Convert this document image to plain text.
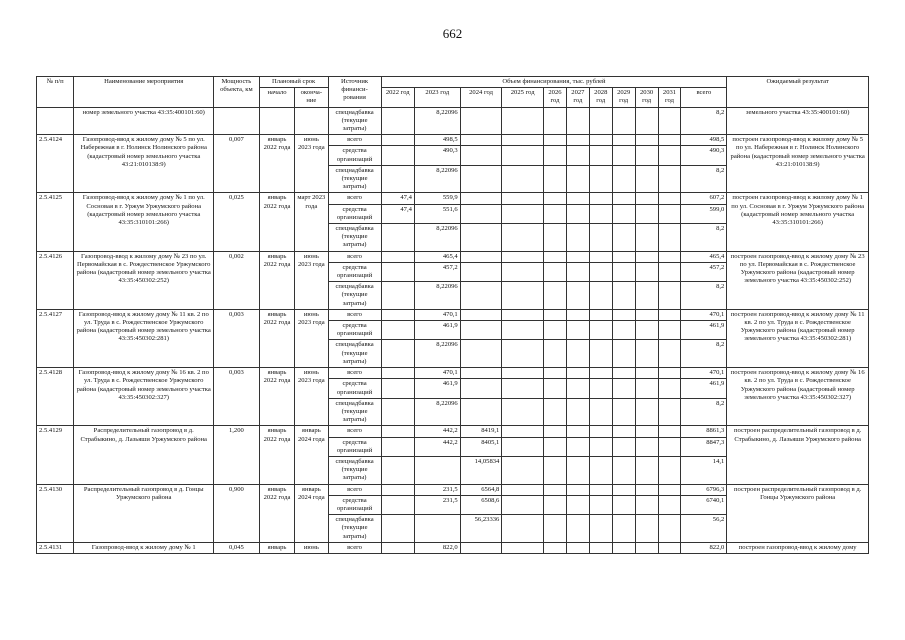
662
№ п/п	Наименование мероприятия	Мощность объекта, км	Плановый срок		Источник финанси-рования	Объем финансирования, тыс. рублей											Ожидаемый результат
			начало	оконча-ние		2022 год	2023 год	2024 год	2025 год	2026 год	2027 год	2028 год	2029 год	2030 год	2031 год	всего	
	номер земельного участка 43:35:400101:60)				спецнадбавка (текущие затраты)		8,22096									8,2	земельного участка 43:35:400101:60)
2.5.4124	Газопровод-ввод к жилому дому № 5 по ул. Набережная в г. Нолинск Нолинского района (кадастровый номер земельного участка 43:21:010138:9)	0,007	январь 2022 года	июнь 2023 года	всего		498,5									498,5	построен газопровод-ввод к жилому дому № 5 по ул. Набережная в г. Нолинск Нолинского района (кадастровый номер земельного участка 43:21:010138:9)
					средства организаций		490,3									490,3	
					спецнадбавка (текущие затраты)		8,22096									8,2	
2.5.4125	Газопровод-ввод к жилому дому № 1 по ул. Сосновая в г. Уржум Уржумского района (кадастровый номер земельного участка 43:35:310101:266)	0,025	январь 2022 года	март 2023 года	всего	47,4	559,9									607,2	построен газопровод-ввод к жилому дому № 1 по ул. Сосновая в г. Уржум Уржумского района (кадастровый номер земельного участка 43:35:310101:266)
					средства организаций	47,4	551,6									599,0	
					спецнадбавка (текущие затраты)		8,22096									8,2	
2.5.4126	Газопровод-ввод к жилому дому № 23 по ул. Первомайская в с. Рождественское Уржумского района (кадастровый номер земельного участка 43:35:450302:252)	0,002	январь 2022 года	июнь 2023 года	всего		465,4									465,4	построен газопровод-ввод к жилому дому № 23 по ул. Первомайская в с. Рождественское Уржумского района (кадастровый номер земельного участка 43:35:450302:252)
					средства организаций		457,2									457,2	
					спецнадбавка (текущие затраты)		8,22096									8,2	
2.5.4127	Газопровод-ввод к жилому дому № 11 кв. 2 по ул. Труда в с. Рождественское Уржумского района (кадастровый номер земельного участка 43:35:450302:281)	0,003	январь 2022 года	июнь 2023 года	всего		470,1									470,1	построен газопровод-ввод к жилому дому № 11 кв. 2 по ул. Труда в с. Рождественское Уржумского района (кадастровый номер земельного участка 43:35:450302:281)
					средства организаций		461,9									461,9	
					спецнадбавка (текущие затраты)		8,22096									8,2	
2.5.4128	Газопровод-ввод к жилому дому № 16 кв. 2 по ул. Труда в с. Рождественское Уржумского района (кадастровый номер земельного участка 43:35:450302:327)	0,003	январь 2022 года	июнь 2023 года	всего		470,1									470,1	построен газопровод-ввод к жилому дому № 16 кв. 2 по ул. Труда в с. Рождественское Уржумского района (кадастровый номер земельного участка 43:35:450302:327)
					средства организаций		461,9									461,9	
					спецнадбавка (текущие затраты)		8,22096									8,2	
2.5.4129	Распределительный газопровод в д. Страбыкино, д. Лазьяши Уржумского района	1,200	январь 2022 года	январь 2024 года	всего		442,2	8419,1								8861,3	построен распределительный газопровод в д. Страбыкино, д. Лазьяши Уржумского района
					средства организаций		442,2	8405,1								8847,3	
					спецнадбавка (текущие затраты)			14,05834								14,1	
2.5.4130	Распределительный газопровод в д. Гонцы Уржумского района	0,900	январь 2022 года	январь 2024 года	всего		231,5	6564,8								6796,3	построен распределительный газопровод в д. Гонцы Уржумского района
					средства организаций		231,5	6508,6								6740,1	
					спецнадбавка (текущие затраты)			56,23336								56,2	
2.5.4131	Газопровод-ввод к жилому дому № 1	0,045	январь	июнь	всего		822,0									822,0	построен газопровод-ввод к жилому дому
